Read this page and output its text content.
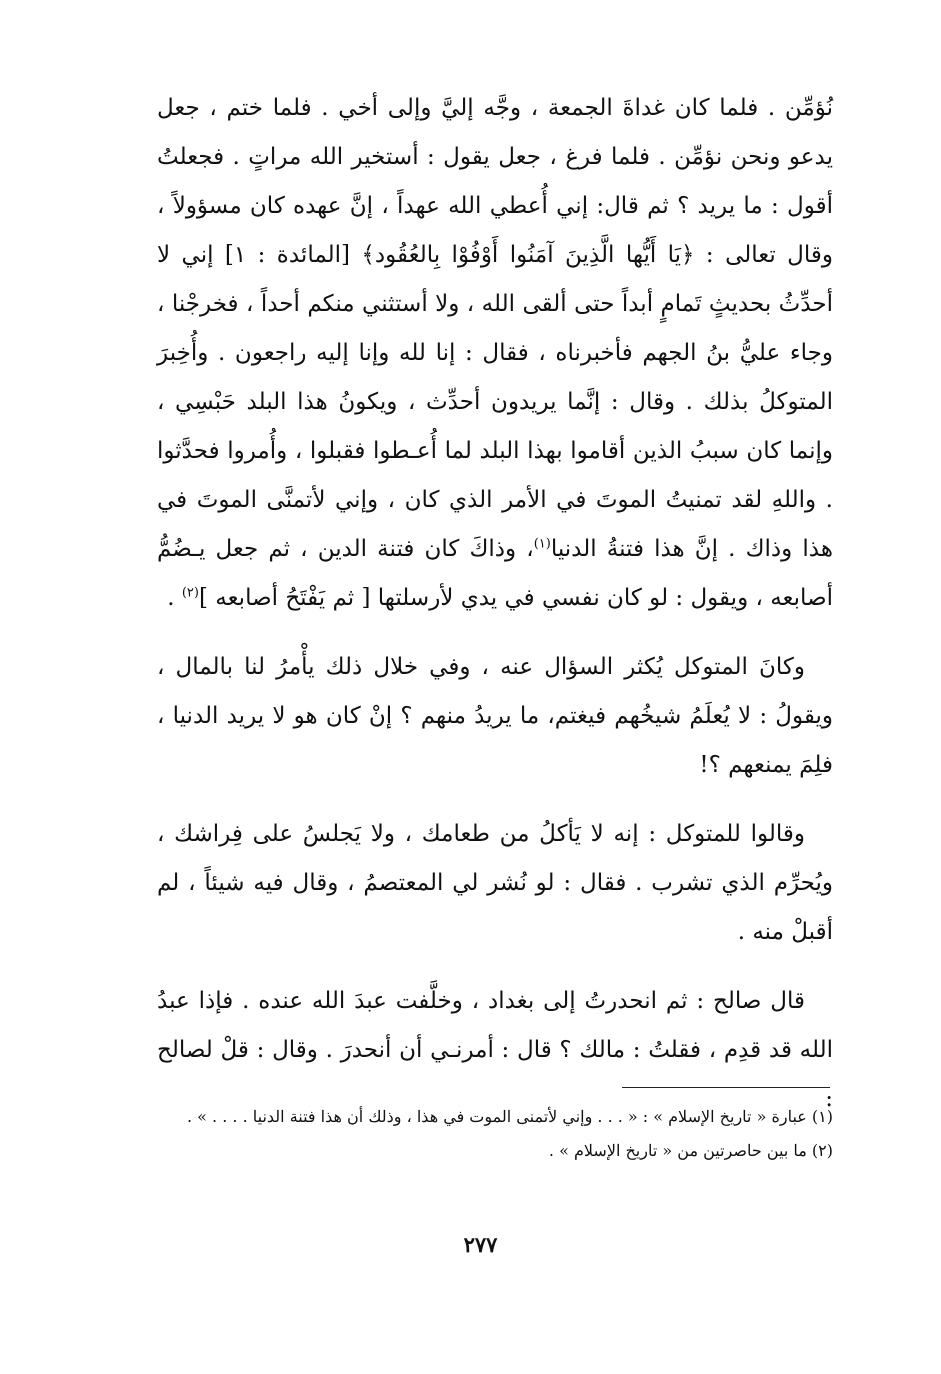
نُؤمِّن . فلما كان غداةَ الجمعة ، وجَّه إليَّ وإلى أخي . فلما ختم ، جعل يدعو ونحن نؤمِّن . فلما فرغ ، جعل يقول : أستخير الله مراتٍ . فجعلتُ أقول : ما يريد ؟ ثم قال: إني أُعطي الله عهداً ، إنَّ عهده كان مسؤولاً ، وقال تعالى : ﴿يَا أَيُّها الَّذِينَ آمَنُوا أَوْفُوْا بِالعُقُود﴾ [المائدة : ١] إني لا أحدِّثُ بحديثٍ تَمامٍ أبداً حتى ألقى الله ، ولا أستثني منكم أحداً ، فخرجْنا ، وجاء عليُّ بنُ الجهم فأخبرناه ، فقال : إنا لله وإنا إليه راجعون . وأُخِبرَ المتوكلُ بذلك . وقال : إنَّما يريدون أحدِّث ، ويكونُ هذا البلد حَبْسِي ، وإنما كان سببُ الذين أقاموا بهذا البلد لما أُعـطوا فقبلوا ، وأُمروا فحدَّثوا . واللهِ لقد تمنيتُ الموتَ في الأمر الذي كان ، وإني لأتمنَّى الموتَ في هذا وذاك . إنَّ هذا فتنةُ الدنيا$^{(١)}$، وذاكَ كان فتنة الدين ، ثم جعل يـضُمُّ أصابعه ، ويقول : لو كان نفسي في يدي لأرسلتها [ ثم يَفْتَحُ أصابعه ]$^{(٢)}$ .

وكانَ المتوكل يُكثر السؤال عنه ، وفي خلال ذلك يأْمرُ لنا بالمال ، ويقولُ : لا يُعلَمُ شيخُهم فيغتم، ما يريدُ منهم ؟ إنْ كان هو لا يريد الدنيا ، فلِمَ يمنعهم ؟!

وقالوا للمتوكل : إنه لا يَأكلُ من طعامك ، ولا يَجلسُ على فِراشك ، ويُحرِّم الذي تشرب . فقال : لو نُشر لي المعتصمُ ، وقال فيه شيئاً ، لم أقبلْ منه .

قال صالح : ثم انحدرتُ إلى بغداد ، وخلَّفت عبدَ الله عنده . فإذا عبدُ الله قد قدِم ، فقلتُ : مالك ؟ قال : أمرنـي أن أنحدرَ . وقال : قلْ لصالح :

(١) عبارة « تاريخ الإسلام » : « . . . وإني لأتمنى الموت في هذا ، وذلك أن هذا فتنة الدنيا . . . . » .

(٢) ما بين حاصرتين من « تاريخ الإسلام » .

٢٧٧
